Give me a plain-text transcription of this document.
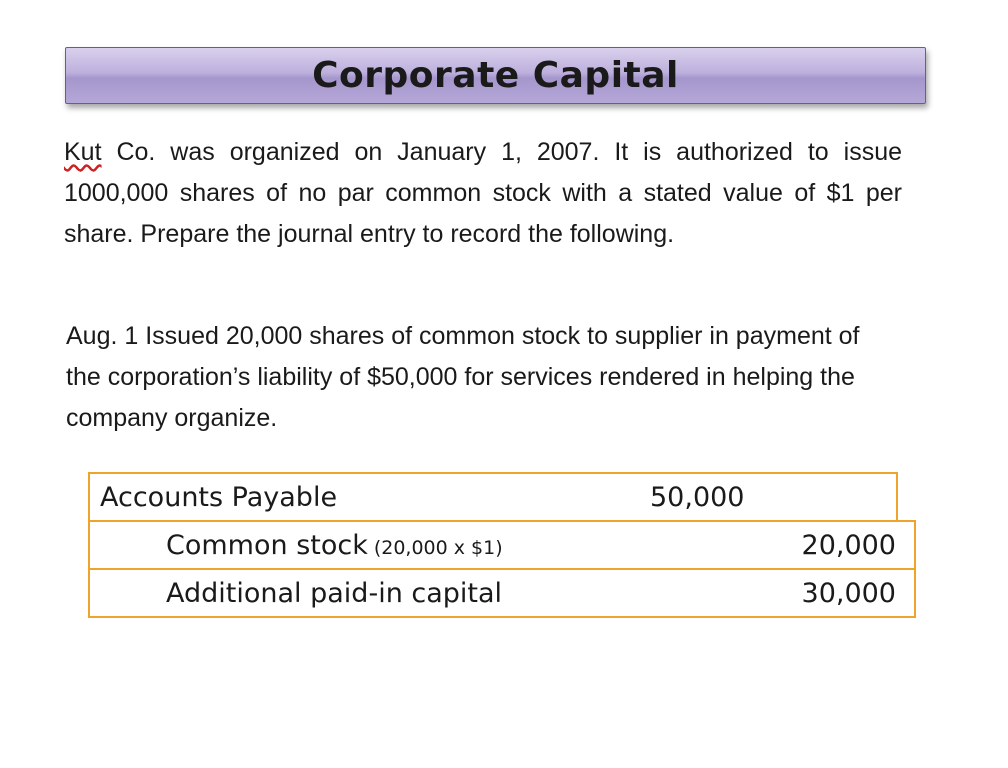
Corporate Capital
Kut Co. was organized on January 1, 2007. It is authorized to issue 1000,000 shares of no par common stock with a stated value of $1 per share. Prepare the journal entry to record the following.
Aug. 1 Issued 20,000 shares of common stock to supplier in payment of the corporation’s liability of $50,000 for services rendered in helping the company organize.
Accounts Payable	50,000
Common stock (20,000 x $1)	20,000
Additional paid-in capital	30,000
